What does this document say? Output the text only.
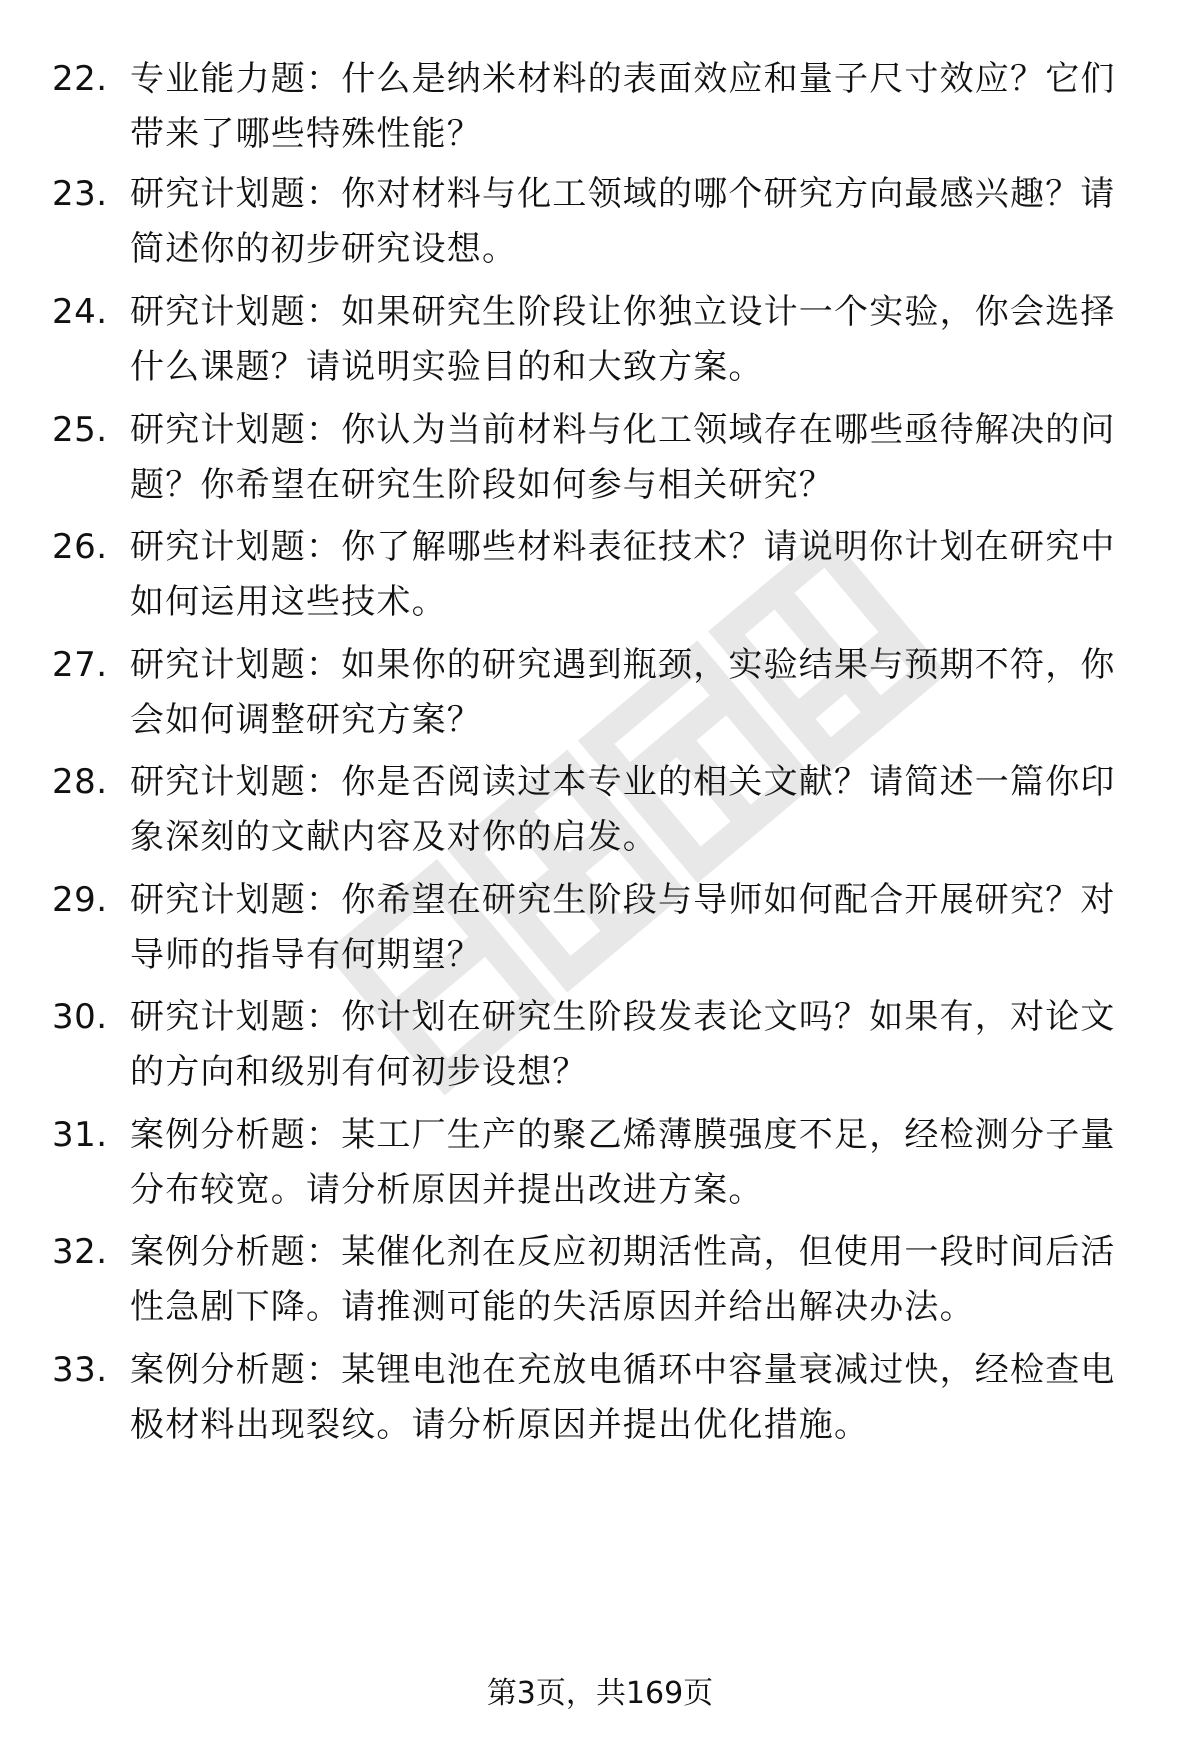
22. 专业能力题：什么是纳米材料的表面效应和量子尺寸效应？它们带来了哪些特殊性能？
23. 研究计划题：你对材料与化工领域的哪个研究方向最感兴趣？请简述你的初步研究设想。
24. 研究计划题：如果研究生阶段让你独立设计一个实验，你会选择什么课题？请说明实验目的和大致方案。
25. 研究计划题：你认为当前材料与化工领域存在哪些亟待解决的问题？你希望在研究生阶段如何参与相关研究？
26. 研究计划题：你了解哪些材料表征技术？请说明你计划在研究中如何运用这些技术。
27. 研究计划题：如果你的研究遇到瓶颈，实验结果与预期不符，你会如何调整研究方案？
28. 研究计划题：你是否阅读过本专业的相关文献？请简述一篇你印象深刻的文献内容及对你的启发。
29. 研究计划题：你希望在研究生阶段与导师如何配合开展研究？对导师的指导有何期望？
30. 研究计划题：你计划在研究生阶段发表论文吗？如果有，对论文的方向和级别有何初步设想？
31. 案例分析题：某工厂生产的聚乙烯薄膜强度不足，经检测分子量分布较宽。请分析原因并提出改进方案。
32. 案例分析题：某催化剂在反应初期活性高，但使用一段时间后活性急剧下降。请推测可能的失活原因并给出解决办法。
33. 案例分析题：某锂电池在充放电循环中容量衰减过快，经检查电极材料出现裂纹。请分析原因并提出优化措施。
第3页，共169页
